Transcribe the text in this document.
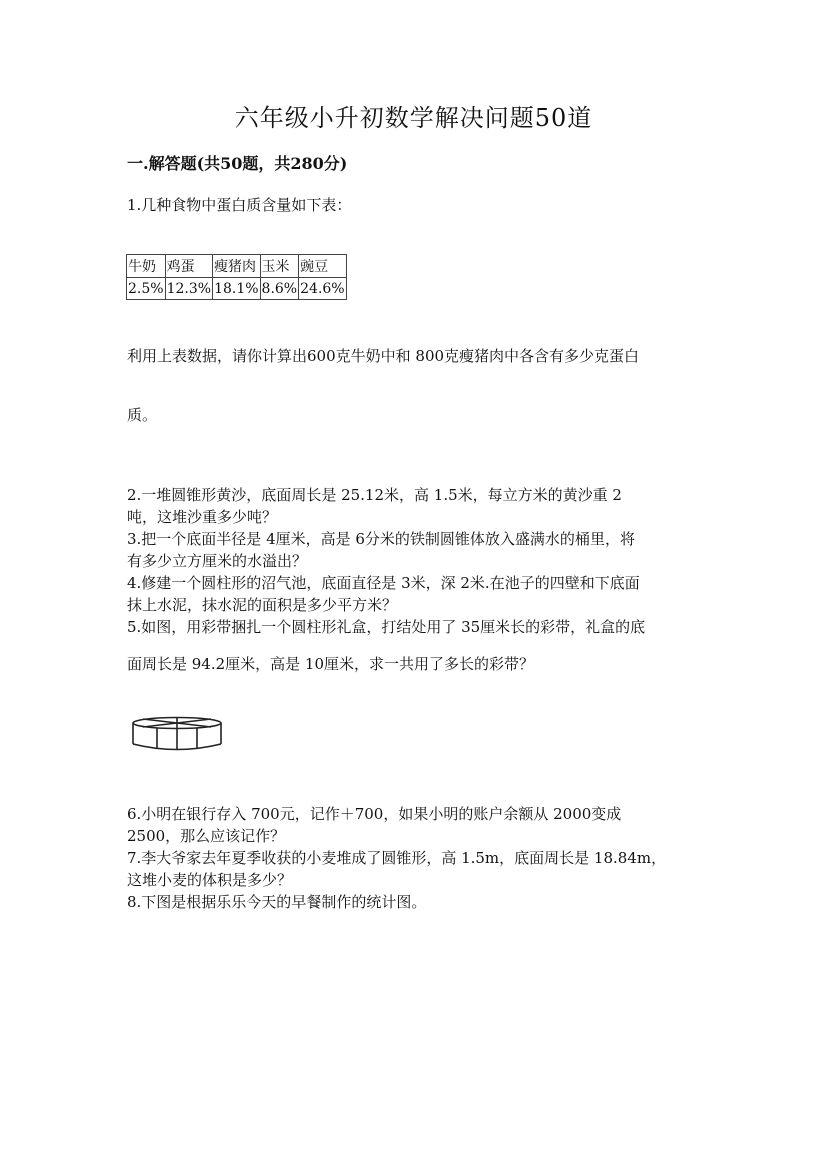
六年级小升初数学解决问题50道
一.解答题(共50题，共280分)
1.几种食物中蛋白质含量如下表：
牛奶	鸡蛋	瘦猪肉	玉米	豌豆
2.5%	12.3%	18.1%	8.6%	24.6%
利用上表数据，请你计算出600克牛奶中和 800克瘦猪肉中各含有多少克蛋白
质。
2.一堆圆锥形黄沙，底面周长是 25.12米，高 1.5米，每立方米的黄沙重 2
吨，这堆沙重多少吨？
3.把一个底面半径是 4厘米，高是 6分米的铁制圆锥体放入盛满水的桶里，将
有多少立方厘米的水溢出？
4.修建一个圆柱形的沼气池，底面直径是 3米，深 2米.在池子的四壁和下底面
抹上水泥，抹水泥的面积是多少平方米？
5.如图，用彩带捆扎一个圆柱形礼盒，打结处用了 35厘米长的彩带，礼盒的底
面周长是 94.2厘米，高是 10厘米，求一共用了多长的彩带？
6.小明在银行存入 700元，记作＋700，如果小明的账户余额从 2000变成
2500，那么应该记作？
7.李大爷家去年夏季收获的小麦堆成了圆锥形，高 1.5m，底面周长是 18.84m，
这堆小麦的体积是多少？
8.下图是根据乐乐今天的早餐制作的统计图。
